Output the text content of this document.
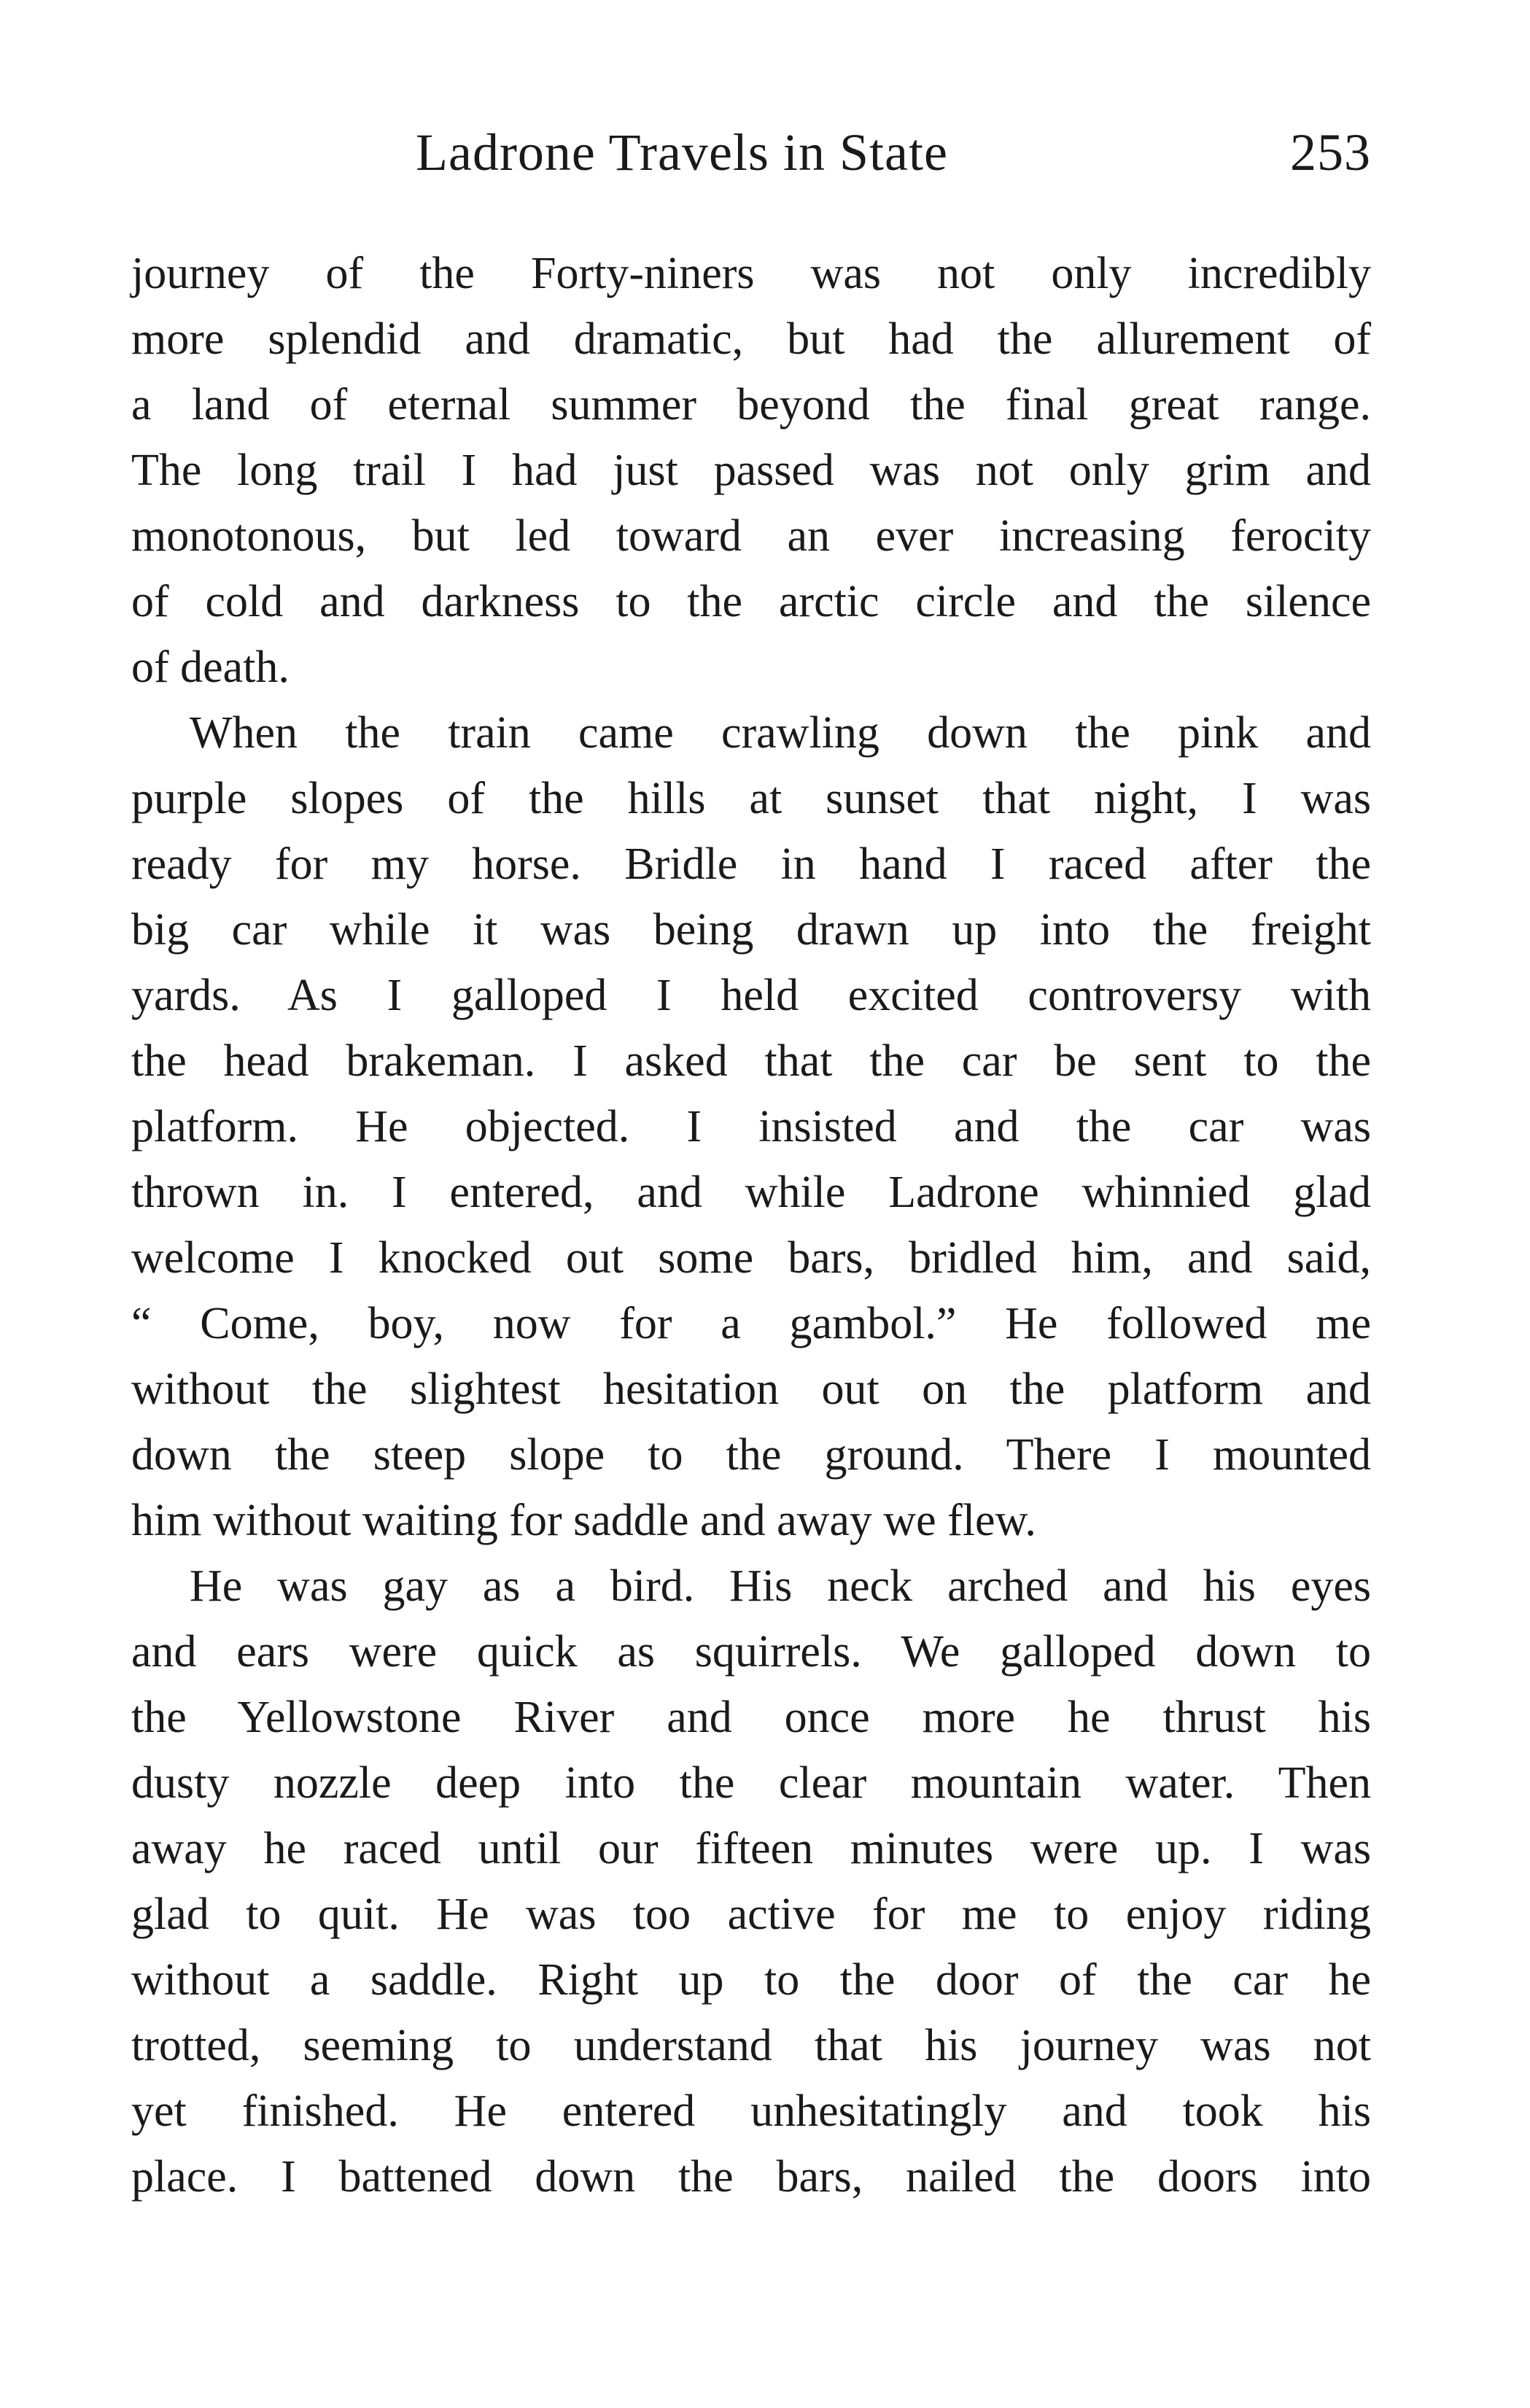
Ladrone Travels in State	253
journey of the Forty-niners was not only incredibly
more splendid and dramatic, but had the allurement of
a land of eternal summer beyond the final great range.
The long trail I had just passed was not only grim and
monotonous, but led toward an ever increasing ferocity
of cold and darkness to the arctic circle and the silence
of death.
When the train came crawling down the pink and
purple slopes of the hills at sunset that night, I was
ready for my horse. Bridle in hand I raced after the
big car while it was being drawn up into the freight
yards. As I galloped I held excited controversy with
the head brakeman. I asked that the car be sent to the
platform. He objected. I insisted and the car was
thrown in. I entered, and while Ladrone whinnied glad
welcome I knocked out some bars, bridled him, and said,
“ Come, boy, now for a gambol.” He followed me
without the slightest hesitation out on the platform and
down the steep slope to the ground. There I mounted
him without waiting for saddle and away we flew.
He was gay as a bird. His neck arched and his eyes
and ears were quick as squirrels. We galloped down to
the Yellowstone River and once more he thrust his
dusty nozzle deep into the clear mountain water. Then
away he raced until our fifteen minutes were up. I was
glad to quit. He was too active for me to enjoy riding
without a saddle. Right up to the door of the car he
trotted, seeming to understand that his journey was not
yet finished. He entered unhesitatingly and took his
place. I battened down the bars, nailed the doors into
